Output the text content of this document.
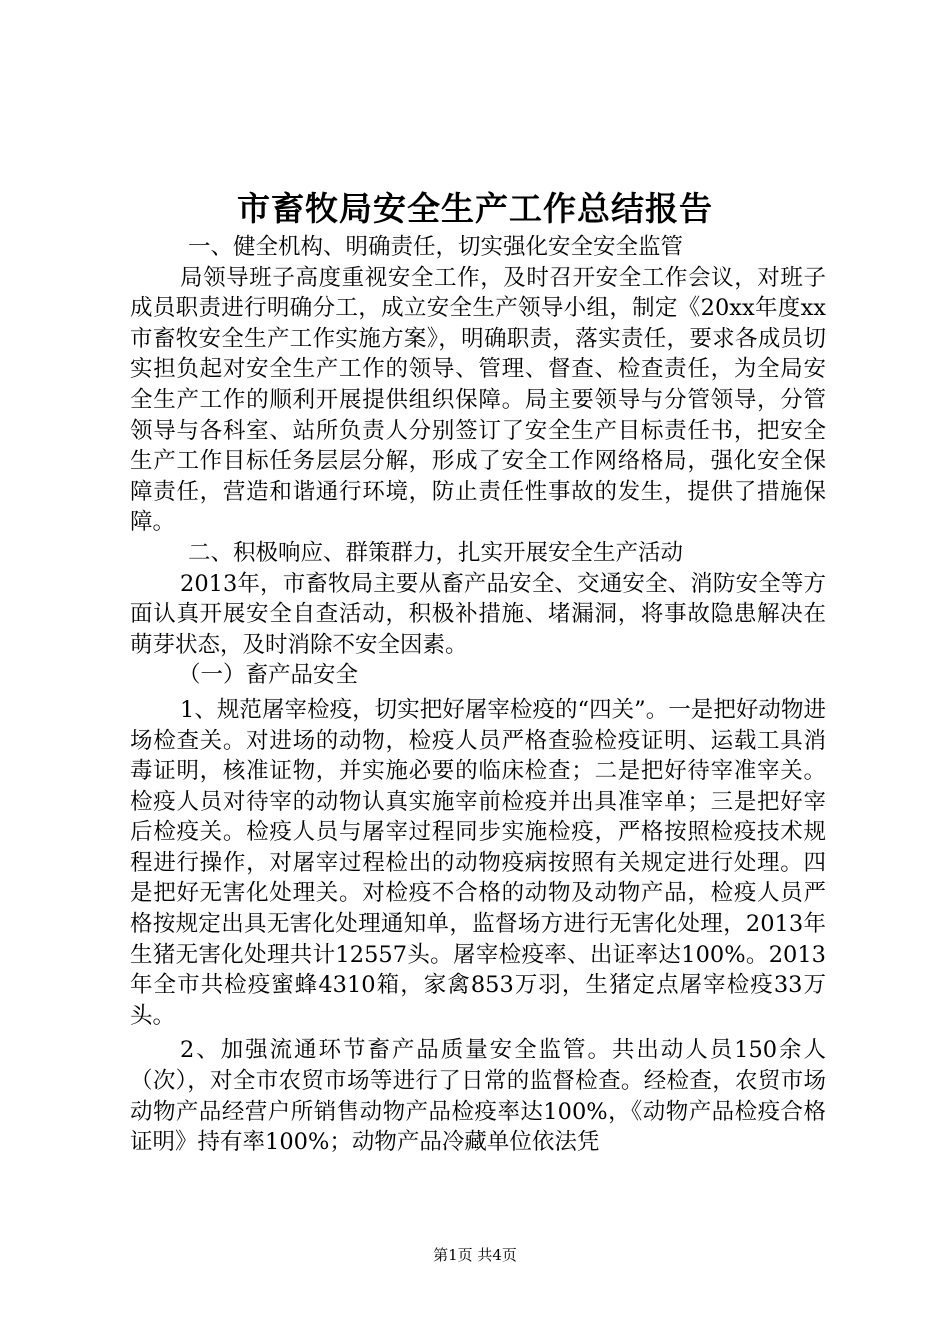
市畜牧局安全生产工作总结报告

一、健全机构、明确责任，切实强化安全安全监管

局领导班子高度重视安全工作，及时召开安全工作会议，对班子成员职责进行明确分工，成立安全生产领导小组，制定《20xx年度xx市畜牧安全生产工作实施方案》，明确职责，落实责任，要求各成员切实担负起对安全生产工作的领导、管理、督查、检查责任，为全局安全生产工作的顺利开展提供组织保障。局主要领导与分管领导，分管领导与各科室、站所负责人分别签订了安全生产目标责任书，把安全生产工作目标任务层层分解，形成了安全工作网络格局，强化安全保障责任，营造和谐通行环境，防止责任性事故的发生，提供了措施保障。

二、积极响应、群策群力，扎实开展安全生产活动

2013年，市畜牧局主要从畜产品安全、交通安全、消防安全等方面认真开展安全自查活动，积极补措施、堵漏洞，将事故隐患解决在萌芽状态，及时消除不安全因素。

（一）畜产品安全

1、规范屠宰检疫，切实把好屠宰检疫的“四关”。一是把好动物进场检查关。对进场的动物，检疫人员严格查验检疫证明、运载工具消毒证明，核准证物，并实施必要的临床检查；二是把好待宰准宰关。检疫人员对待宰的动物认真实施宰前检疫并出具准宰单；三是把好宰后检疫关。检疫人员与屠宰过程同步实施检疫，严格按照检疫技术规程进行操作，对屠宰过程检出的动物疫病按照有关规定进行处理。四是把好无害化处理关。对检疫不合格的动物及动物产品，检疫人员严格按规定出具无害化处理通知单，监督场方进行无害化处理，2013年生猪无害化处理共计12557头。屠宰检疫率、出证率达100%。2013年全市共检疫蜜蜂4310箱，家禽853万羽，生猪定点屠宰检疫33万头。

2、加强流通环节畜产品质量安全监管。共出动人员150余人（次），对全市农贸市场等进行了日常的监督检查。经检查，农贸市场动物产品经营户所销售动物产品检疫率达100%，《动物产品检疫合格证明》持有率100%；动物产品冷藏单位依法凭

第1页 共4页
